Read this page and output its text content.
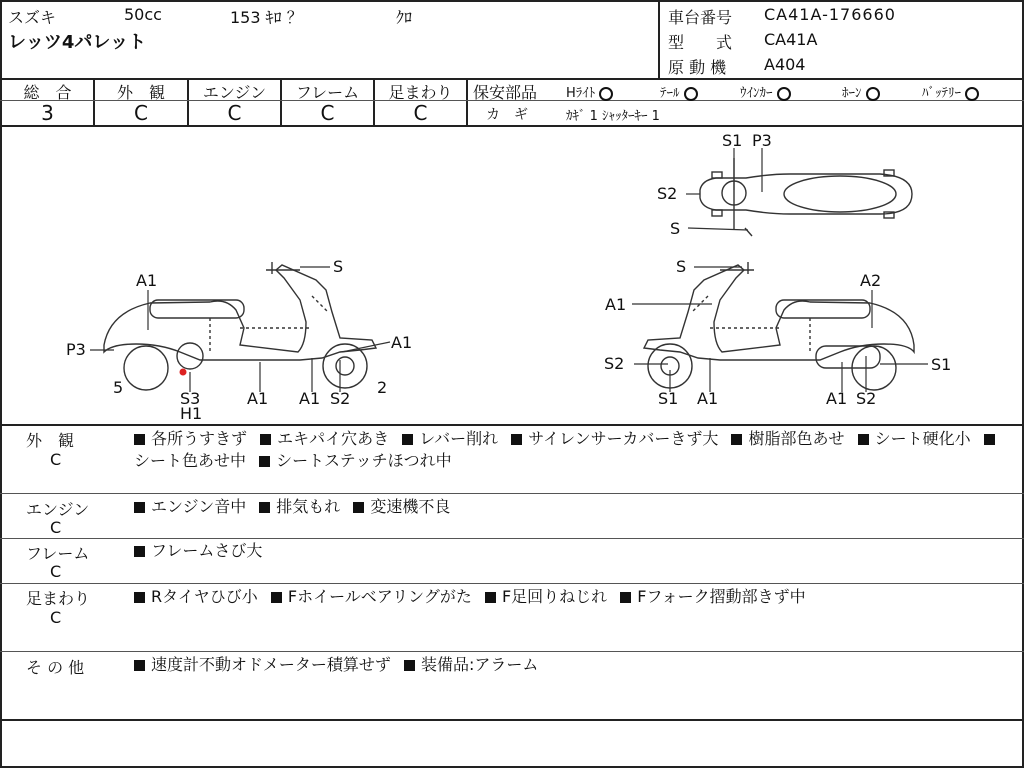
スズキ	50cc	153 ｷﾛ ？	ｸﾛ
レッツ4パレット
車台番号 CA41A-176660
型　　式 CA41A
原 動 機 A404
総　合	外　観	エンジン	フレーム	足まわり
3	C	C	C	C
保安部品 Hﾗｲﾄ	ﾃｰﾙ	ｳｲﾝｶｰ	ﾎｰﾝ	ﾊﾞｯﾃﾘｰ
カ　ギ	ｶｷﾞ 1 ｼｬｯﾀｰｷｰ 1
A1
S
P3	A1
5
S3
H1
A1 A1 S2
2
S1 P3
S2
S
S
A2
A1
S2	S1
S1 A1	A1 S2
外　観
C
各所うすきず エキパイ穴あき レバー削れ サイレンサーカバーきず大 樹脂部色あせ シート硬化小 シート色あせ中 シートステッチほつれ中
エンジン
C
エンジン音中 排気もれ 変速機不良
フレーム
C
フレームさび大
足まわり
C
Rタイヤひび小 Fホイールベアリングがた F足回りねじれ Fフォーク摺動部きず中
そ の 他	速度計不動オドメーター積算せず 装備品:アラーム
